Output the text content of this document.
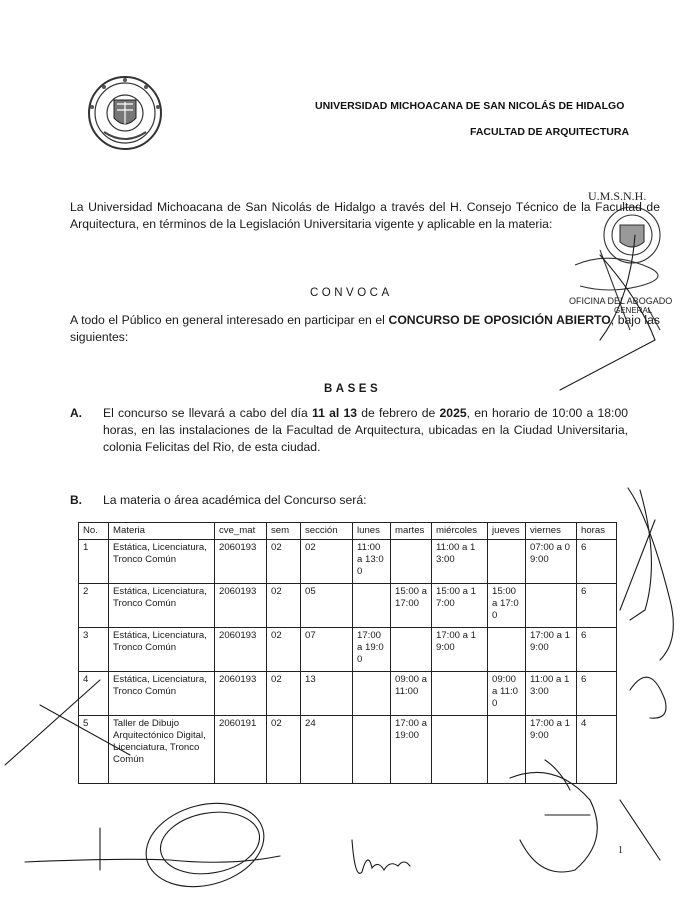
UNIVERSIDAD MICHOACANA DE SAN NICOLÁS DE HIDALGO
FACULTAD DE ARQUITECTURA
U.M.S.N.H.
OFICINA DEL ABOGADO
GENERAL
La Universidad Michoacana de San Nicolás de Hidalgo a través del H. Consejo Técnico de la Facultad de Arquitectura, en términos de la Legislación Universitaria vigente y aplicable en la materia:
CONVOCA
A todo el Público en general interesado en participar en el CONCURSO DE OPOSICIÓN ABIERTO, bajo las siguientes:
BASES
A. El concurso se llevará a cabo del día 11 al 13 de febrero de 2025, en horario de 10:00 a 18:00 horas, en las instalaciones de la Facultad de Arquitectura, ubicadas en la Ciudad Universitaria, colonia Felicitas del Rio, de esta ciudad.
B. La materia o área académica del Concurso será:
No.	Materia	cve_mat	sem	sección	lunes	martes	miércoles	jueves	viernes	horas
1	Estática, Licenciatura, Tronco Común	2060193	02	02	11:00 a 13:00		11:00 a 13:00		07:00 a 09:00	6
2	Estática, Licenciatura, Tronco Común	2060193	02	05		15:00 a 17:00	15:00 a 17:00	15:00 a 17:00		6
3	Estática, Licenciatura, Tronco Común	2060193	02	07	17:00 a 19:00		17:00 a 19:00		17:00 a 19:00	6
4	Estática, Licenciatura, Tronco Común	2060193	02	13		09:00 a 11:00		09:00 a 11:00	11:00 a 13:00	6
5	Taller de Dibujo Arquitectónico Digital, Licenciatura, Tronco Común	2060191	02	24		17:00 a 19:00			17:00 a 19:00	4
1
